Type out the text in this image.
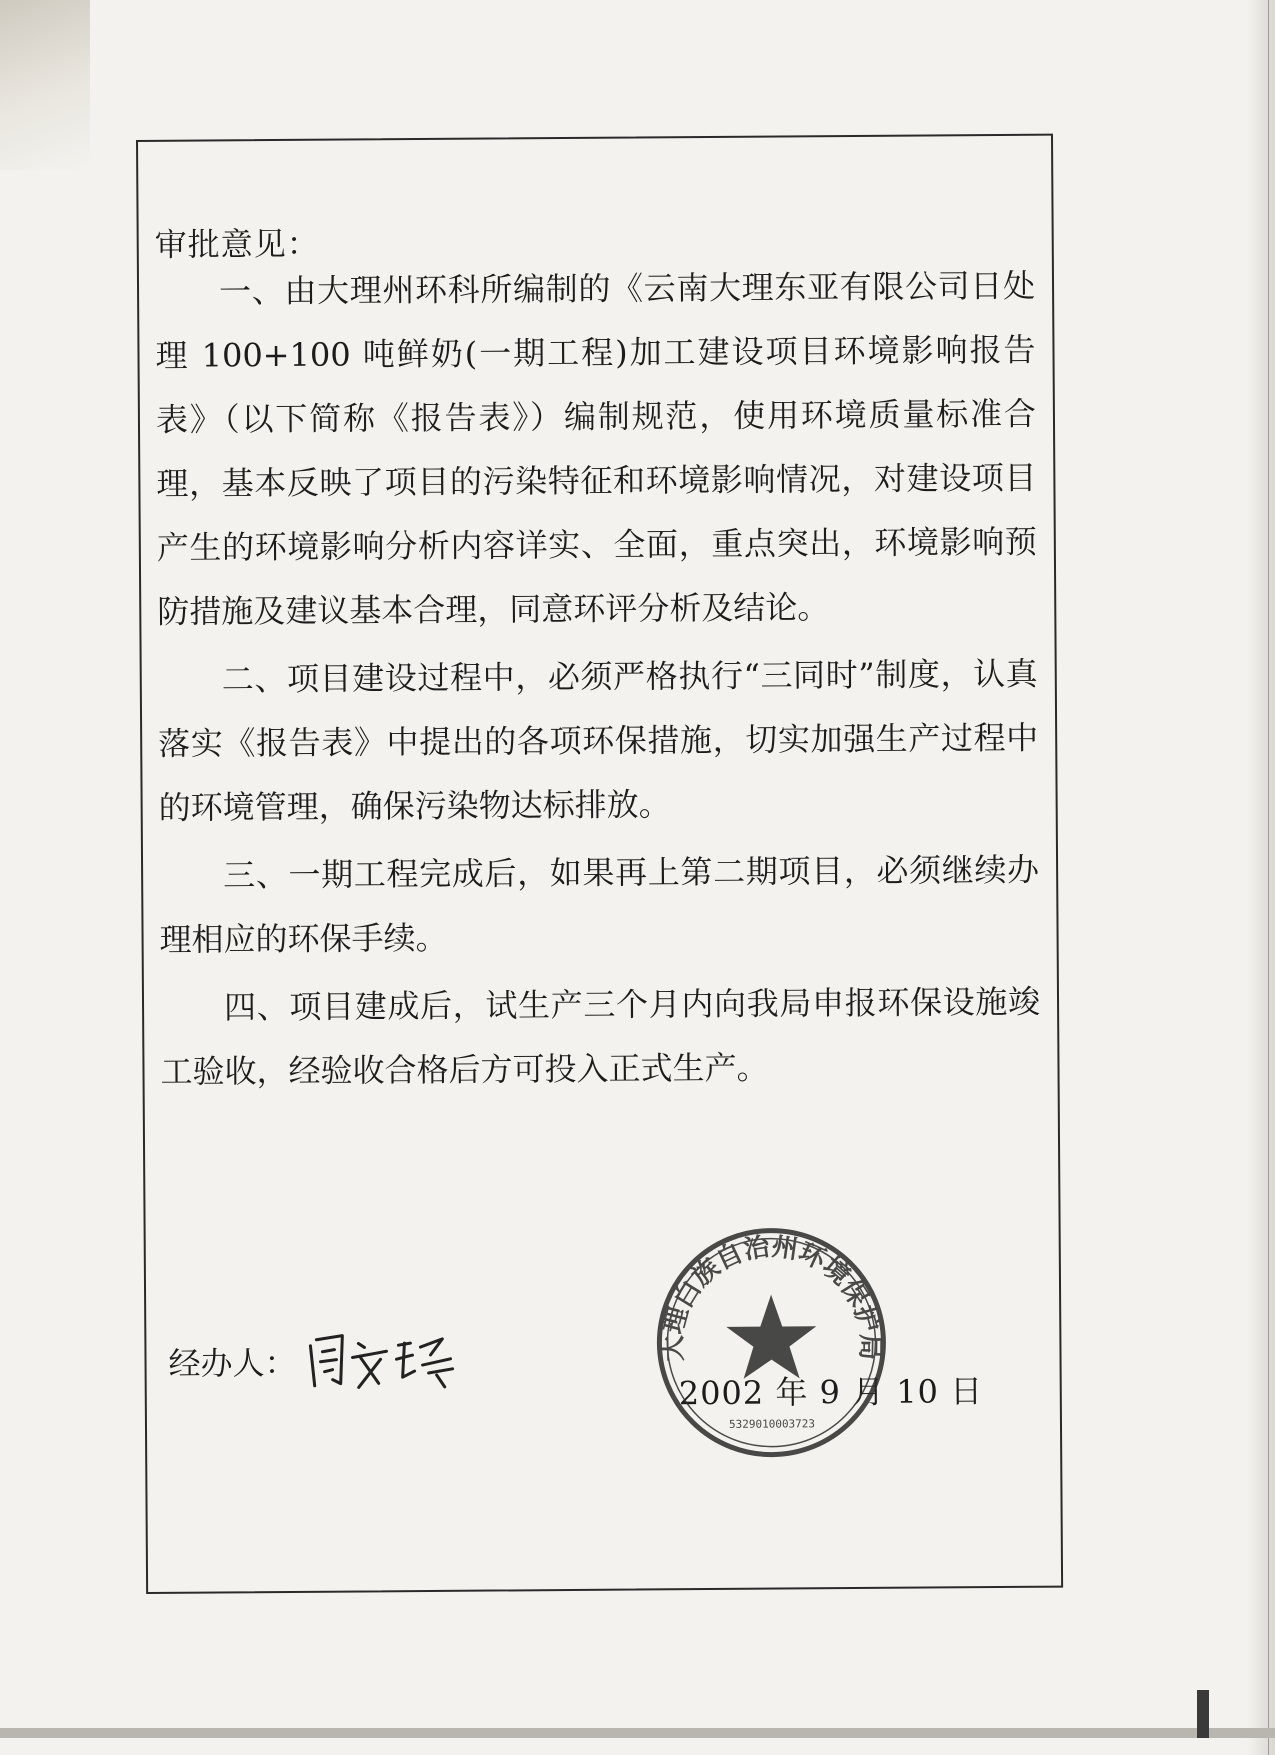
审批意见：

一、由大理州环科所编制的《云南大理东亚有限公司日处理 100+100 吨鲜奶(一期工程)加工建设项目环境影响报告表》（以下简称《报告表》）编制规范，使用环境质量标准合理，基本反映了项目的污染特征和环境影响情况，对建设项目产生的环境影响分析内容详实、全面，重点突出，环境影响预防措施及建议基本合理，同意环评分析及结论。

二、项目建设过程中，必须严格执行“三同时”制度，认真落实《报告表》中提出的各项环保措施，切实加强生产过程中的环境管理，确保污染物达标排放。

三、一期工程完成后，如果再上第二期项目，必须继续办理相应的环保手续。

四、项目建成后，试生产三个月内向我局申报环保设施竣工验收，经验收合格后方可投入正式生产。

经办人：
2002 年 9 月 10 日
大理白族自治州环境保护局
5329010003723
